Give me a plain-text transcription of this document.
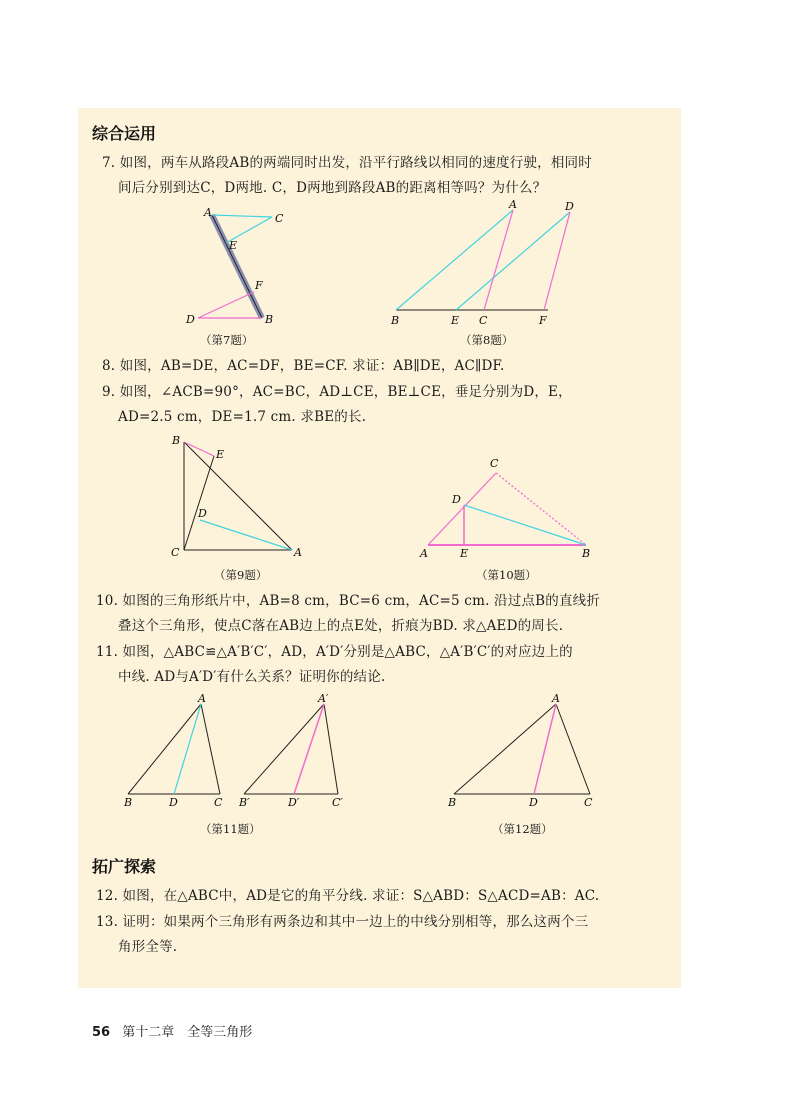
综合运用
7. 如图，两车从路段AB的两端同时出发，沿平行路线以相同的速度行驶，相同时
间后分别到达C，D两地. C，D两地到路段AB的距离相等吗？为什么？
A	C
E
F
D	B
（第7题）
A	D
B	E C	F
（第8题）
8. 如图，AB=DE，AC=DF，BE=CF. 求证：AB∥DE，AC∥DF.
9. 如图，∠ACB=90°，AC=BC，AD⊥CE，BE⊥CE，垂足分别为D，E，
AD=2.5 cm，DE=1.7 cm. 求BE的长.
B
E
D
C	A
（第9题）
C
D
A	E	B
（第10题）
10. 如图的三角形纸片中，AB=8 cm，BC=6 cm，AC=5 cm. 沿过点B的直线折
叠这个三角形，使点C落在AB边上的点E处，折痕为BD. 求△AED的周长.
11. 如图，△ABC≌△A′B′C′，AD，A′D′分别是△ABC，△A′B′C′的对应边上的
中线. AD与A′D′有什么关系？证明你的结论.
A
B	D	C
A′
B′	D′	C′
（第11题）
A
B	D	C
（第12题）
拓广探索
12. 如图，在△ABC中，AD是它的角平分线. 求证：S△ABD：S△ACD=AB：AC.
13. 证明：如果两个三角形有两条边和其中一边上的中线分别相等，那么这两个三
角形全等.
56 第十二章　全等三角形
